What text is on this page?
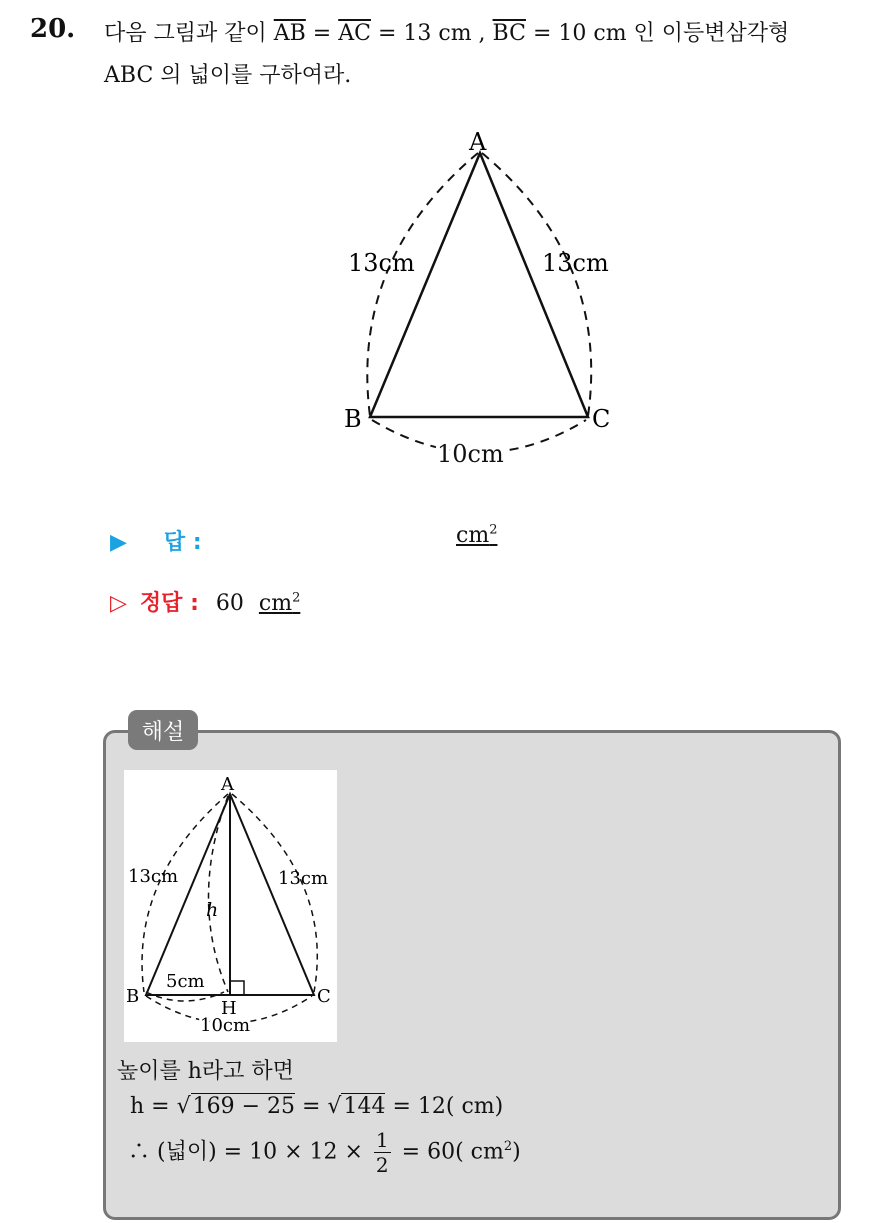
20. 다음 그림과 같이 $\overline{AB} = \overline{AC} = 13$ cm , $\overline{BC} = 10$ cm 인 이등변삼각형
ABC 의 넓이를 구하여라.
A
B	C
13cm	13cm
10cm
▶ 답 :	$cm^2$
▷ 정답 : 60 $cm^2$
해설
A
B	C
H
13cm	13cm
h
5cm
10cm
높이를 h라고 하면
h = √169 − 25 = √144 = 12( cm)
∴ (넓이) = $10 \times 12 \times \frac{1}{2} = 60$( $cm^2$)
